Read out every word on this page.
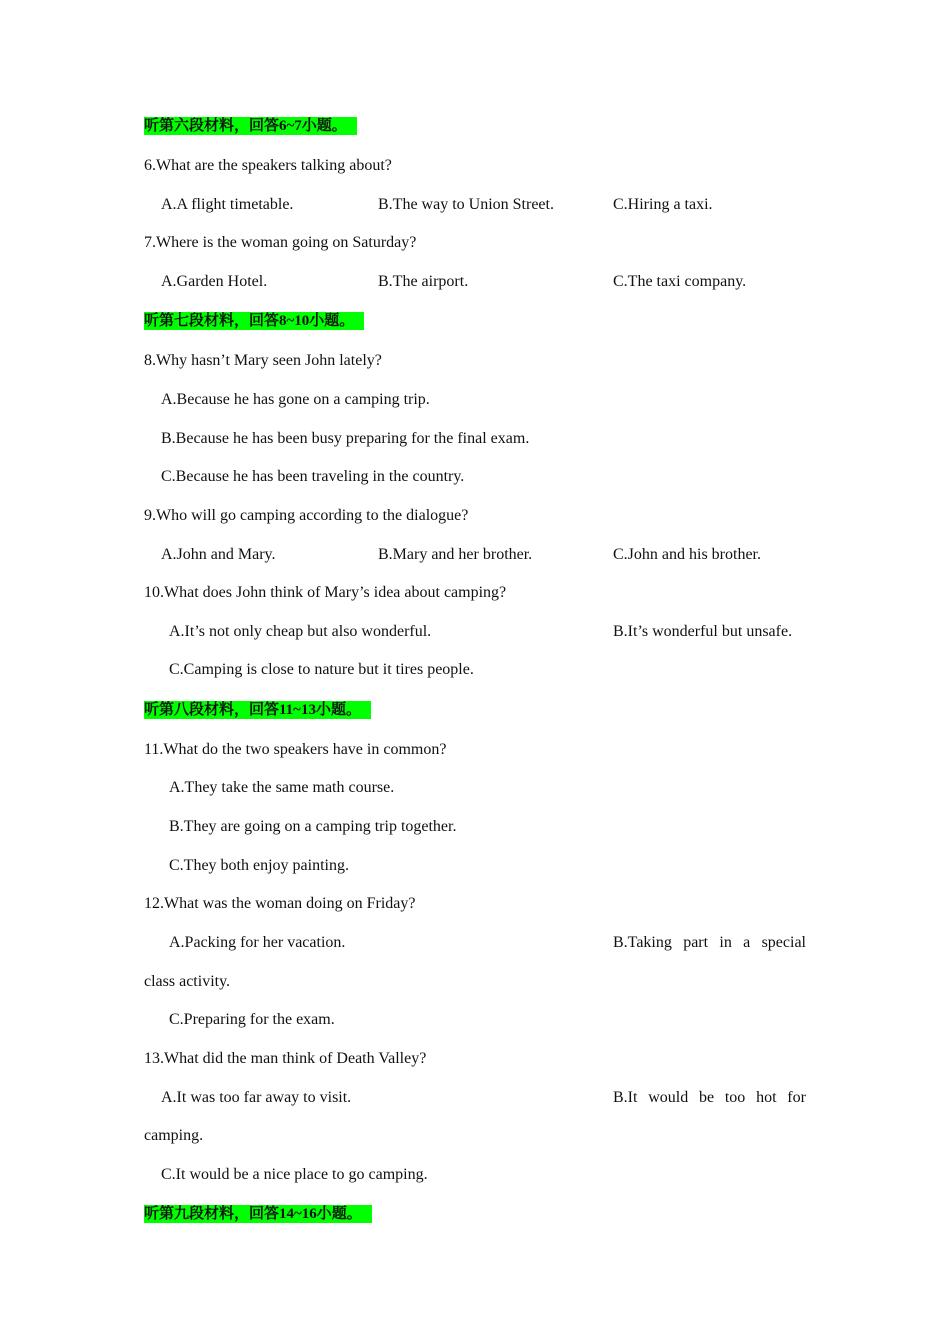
听第六段材料，回答6~7小题。
6.What are the speakers talking about?
A.A flight timetable.	B.The way to Union Street.	C.Hiring a taxi.
7.Where is the woman going on Saturday?
A.Garden Hotel.	B.The airport.	C.The taxi company.
听第七段材料，回答8~10小题。
8.Why hasn’t Mary seen John lately?
A.Because he has gone on a camping trip.
B.Because he has been busy preparing for the final exam.
C.Because he has been traveling in the country.
9.Who will go camping according to the dialogue?
A.John and Mary.	B.Mary and her brother.	C.John and his brother.
10.What does John think of Mary’s idea about camping?
A.It’s not only cheap but also wonderful.	B.It’s wonderful but unsafe.
C.Camping is close to nature but it tires people.
听第八段材料，回答11~13小题。
11.What do the two speakers have in common?
A.They take the same math course.
B.They are going on a camping trip together.
C.They both enjoy painting.
12.What was the woman doing on Friday?
A.Packing for her vacation.	B.Taking part in a special
class activity.
C.Preparing for the exam.
13.What did the man think of Death Valley?
A.It was too far away to visit.	B.It would be too hot for
camping.
C.It would be a nice place to go camping.
听第九段材料，回答14~16小题。
